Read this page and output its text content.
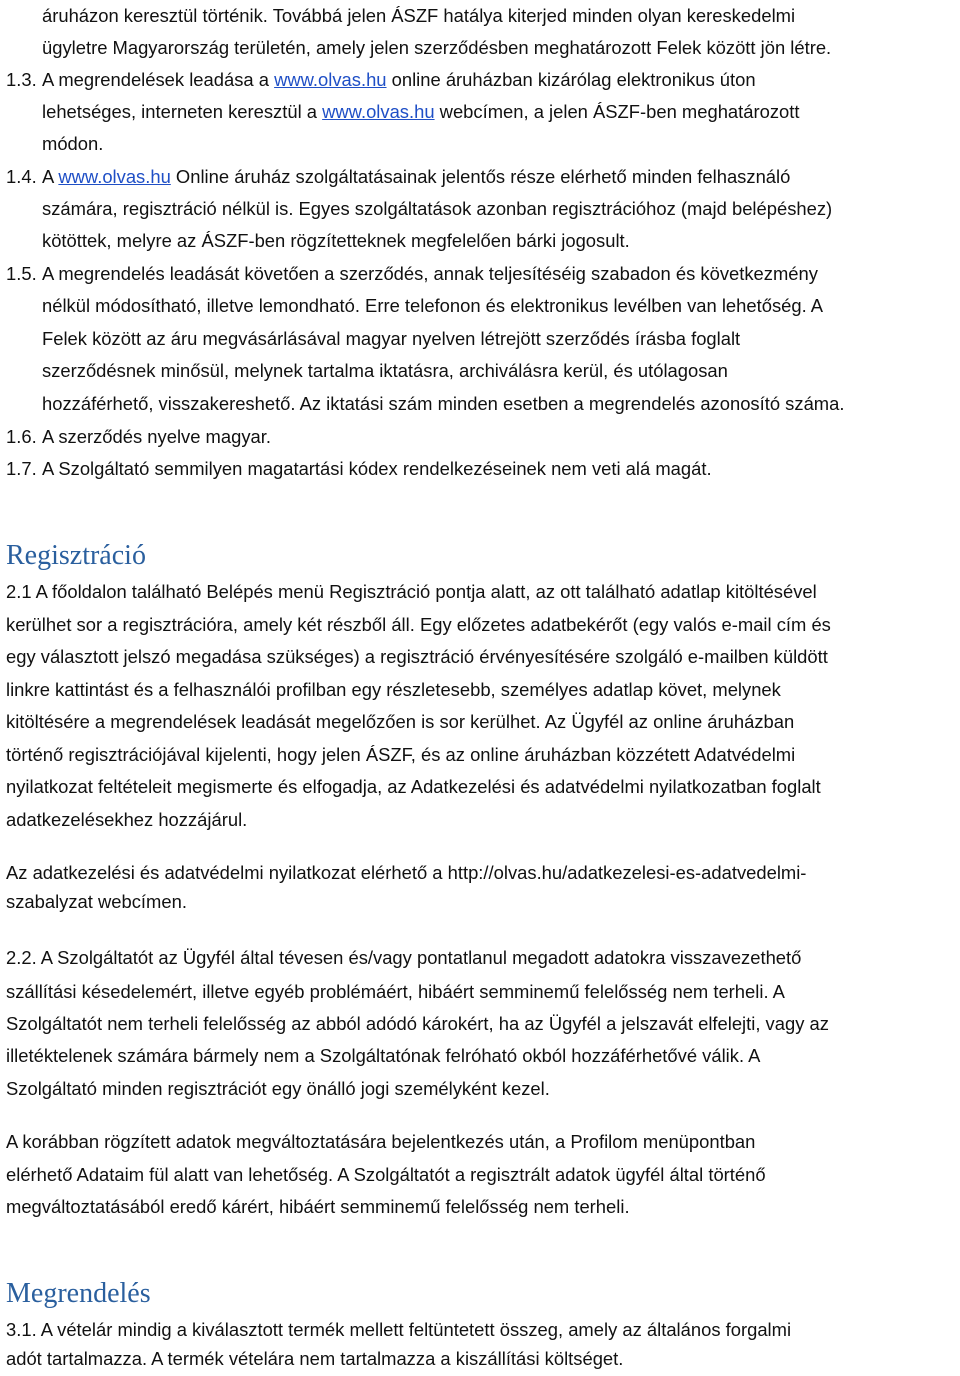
áruházon keresztül történik. Továbbá jelen ÁSZF hatálya kiterjed minden olyan kereskedelmi
ügyletre Magyarország területén, amely jelen szerződésben meghatározott Felek között jön létre.
1.3. A megrendelések leadása a www.olvas.hu online áruházban kizárólag elektronikus úton
lehetséges, interneten keresztül a www.olvas.hu webcímen, a jelen ÁSZF-ben meghatározott
módon.
1.4. A www.olvas.hu Online áruház szolgáltatásainak jelentős része elérhető minden felhasználó
számára, regisztráció nélkül is. Egyes szolgáltatások azonban regisztrációhoz (majd belépéshez)
kötöttek, melyre az ÁSZF-ben rögzítetteknek megfelelően bárki jogosult.
1.5. A megrendelés leadását követően a szerződés, annak teljesítéséig szabadon és következmény
nélkül módosítható, illetve lemondható. Erre telefonon és elektronikus levélben van lehetőség. A
Felek között az áru megvásárlásával magyar nyelven létrejött szerződés írásba foglalt
szerződésnek minősül, melynek tartalma iktatásra, archiválásra kerül, és utólagosan
hozzáférhető, visszakereshető. Az iktatási szám minden esetben a megrendelés azonosító száma.
1.6. A szerződés nyelve magyar.
1.7. A Szolgáltató semmilyen magatartási kódex rendelkezéseinek nem veti alá magát.
Regisztráció
2.1 A főoldalon található Belépés menü Regisztráció pontja alatt, az ott található adatlap kitöltésével
kerülhet sor a regisztrációra, amely két részből áll. Egy előzetes adatbekérőt (egy valós e-mail cím és
egy választott jelszó megadása szükséges) a regisztráció érvényesítésére szolgáló e-mailben küldött
linkre kattintást és a felhasználói profilban egy részletesebb, személyes adatlap követ, melynek
kitöltésére a megrendelések leadását megelőzően is sor kerülhet. Az Ügyfél az online áruházban
történő regisztrációjával kijelenti, hogy jelen ÁSZF, és az online áruházban közzétett Adatvédelmi
nyilatkozat feltételeit megismerte és elfogadja, az Adatkezelési és adatvédelmi nyilatkozatban foglalt
adatkezelésekhez hozzájárul.
Az adatkezelési és adatvédelmi nyilatkozat elérhető a http://olvas.hu/adatkezelesi-es-adatvedelmi-
szabalyzat webcímen.
2.2. A Szolgáltatót az Ügyfél által tévesen és/vagy pontatlanul megadott adatokra visszavezethető
szállítási késedelemért, illetve egyéb problémáért, hibáért semminemű felelősség nem terheli. A
Szolgáltatót nem terheli felelősség az abból adódó károkért, ha az Ügyfél a jelszavát elfelejti, vagy az
illetéktelenek számára bármely nem a Szolgáltatónak felróható okból hozzáférhetővé válik. A
Szolgáltató minden regisztrációt egy önálló jogi személyként kezel.
A korábban rögzített adatok megváltoztatására bejelentkezés után, a Profilom menüpontban
elérhető Adataim fül alatt van lehetőség. A Szolgáltatót a regisztrált adatok ügyfél által történő
megváltoztatásából eredő kárért, hibáért semminemű felelősség nem terheli.
Megrendelés
3.1. A vételár mindig a kiválasztott termék mellett feltüntetett összeg, amely az általános forgalmi
adót tartalmazza. A termék vételára nem tartalmazza a kiszállítási költséget.
